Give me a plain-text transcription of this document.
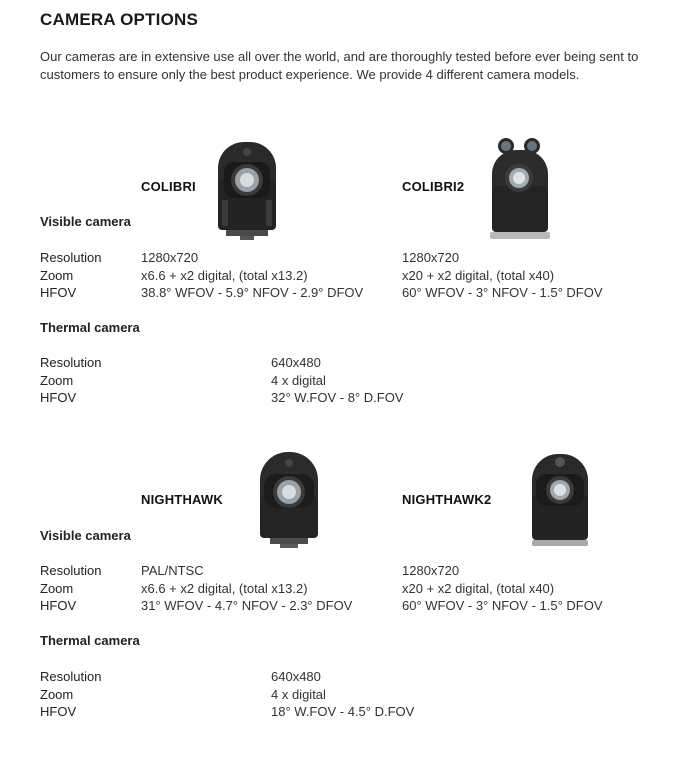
CAMERA OPTIONS
Our cameras are in extensive use all over the world, and are thoroughly tested before ever being sent to customers to ensure only the best product experience. We provide 4 different camera models.
COLIBRI	COLIBRI2
Visible camera
Resolution
Zoom
HFOV
1280x720
x6.6 + x2 digital, (total x13.2)
38.8° WFOV - 5.9° NFOV - 2.9° DFOV
1280x720
x20 + x2 digital, (total x40)
60° WFOV - 3° NFOV - 1.5° DFOV
Thermal camera
Resolution
Zoom
HFOV
640x480
4 x digital
32° W.FOV - 8° D.FOV
NIGHTHAWK	NIGHTHAWK2
Visible camera
Resolution
Zoom
HFOV
PAL/NTSC
x6.6 + x2 digital, (total x13.2)
31° WFOV - 4.7° NFOV - 2.3° DFOV
1280x720
x20 + x2 digital, (total x40)
60° WFOV - 3° NFOV - 1.5° DFOV
Thermal camera
Resolution
Zoom
HFOV
640x480
4 x digital
18° W.FOV - 4.5° D.FOV
